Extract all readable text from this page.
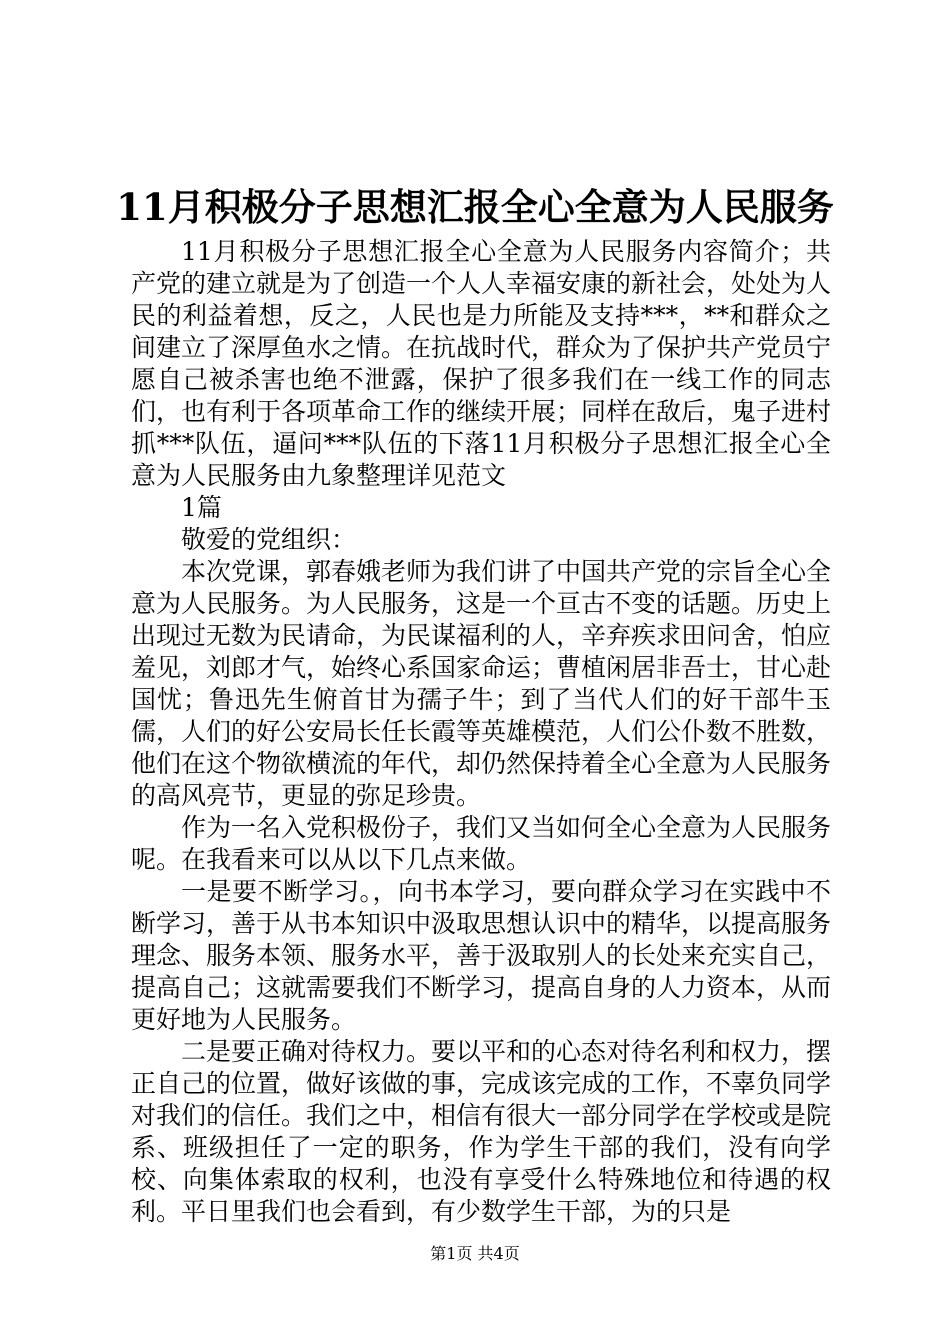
11月积极分子思想汇报全心全意为人民服务

11月积极分子思想汇报全心全意为人民服务内容简介；共产党的建立就是为了创造一个人人幸福安康的新社会，处处为人民的利益着想，反之，人民也是力所能及支持***，**和群众之间建立了深厚鱼水之情。在抗战时代，群众为了保护共产党员宁愿自己被杀害也绝不泄露，保护了很多我们在一线工作的同志们，也有利于各项革命工作的继续开展；同样在敌后，鬼子进村抓***队伍，逼问***队伍的下落11月积极分子思想汇报全心全意为人民服务由九象整理详见范文

1篇

敬爱的党组织：

本次党课，郭春娥老师为我们讲了中国共产党的宗旨全心全意为人民服务。为人民服务，这是一个亘古不变的话题。历史上出现过无数为民请命，为民谋福利的人，辛弃疾求田问舍，怕应羞见，刘郎才气，始终心系国家命运；曹植闲居非吾士，甘心赴国忧；鲁迅先生俯首甘为孺子牛；到了当代人们的好干部牛玉儒，人们的好公安局长任长霞等英雄模范，人们公仆数不胜数，他们在这个物欲横流的年代，却仍然保持着全心全意为人民服务的高风亮节，更显的弥足珍贵。

作为一名入党积极份子，我们又当如何全心全意为人民服务呢。在我看来可以从以下几点来做。

一是要不断学习。，向书本学习，要向群众学习在实践中不断学习，善于从书本知识中汲取思想认识中的精华，以提高服务理念、服务本领、服务水平，善于汲取别人的长处来充实自己，提高自己；这就需要我们不断学习，提高自身的人力资本，从而更好地为人民服务。

二是要正确对待权力。要以平和的心态对待名利和权力，摆正自己的位置，做好该做的事，完成该完成的工作，不辜负同学对我们的信任。我们之中，相信有很大一部分同学在学校或是院系、班级担任了一定的职务，作为学生干部的我们，没有向学校、向集体索取的权利，也没有享受什么特殊地位和待遇的权利。平日里我们也会看到，有少数学生干部，为的只是

第1页 共4页
